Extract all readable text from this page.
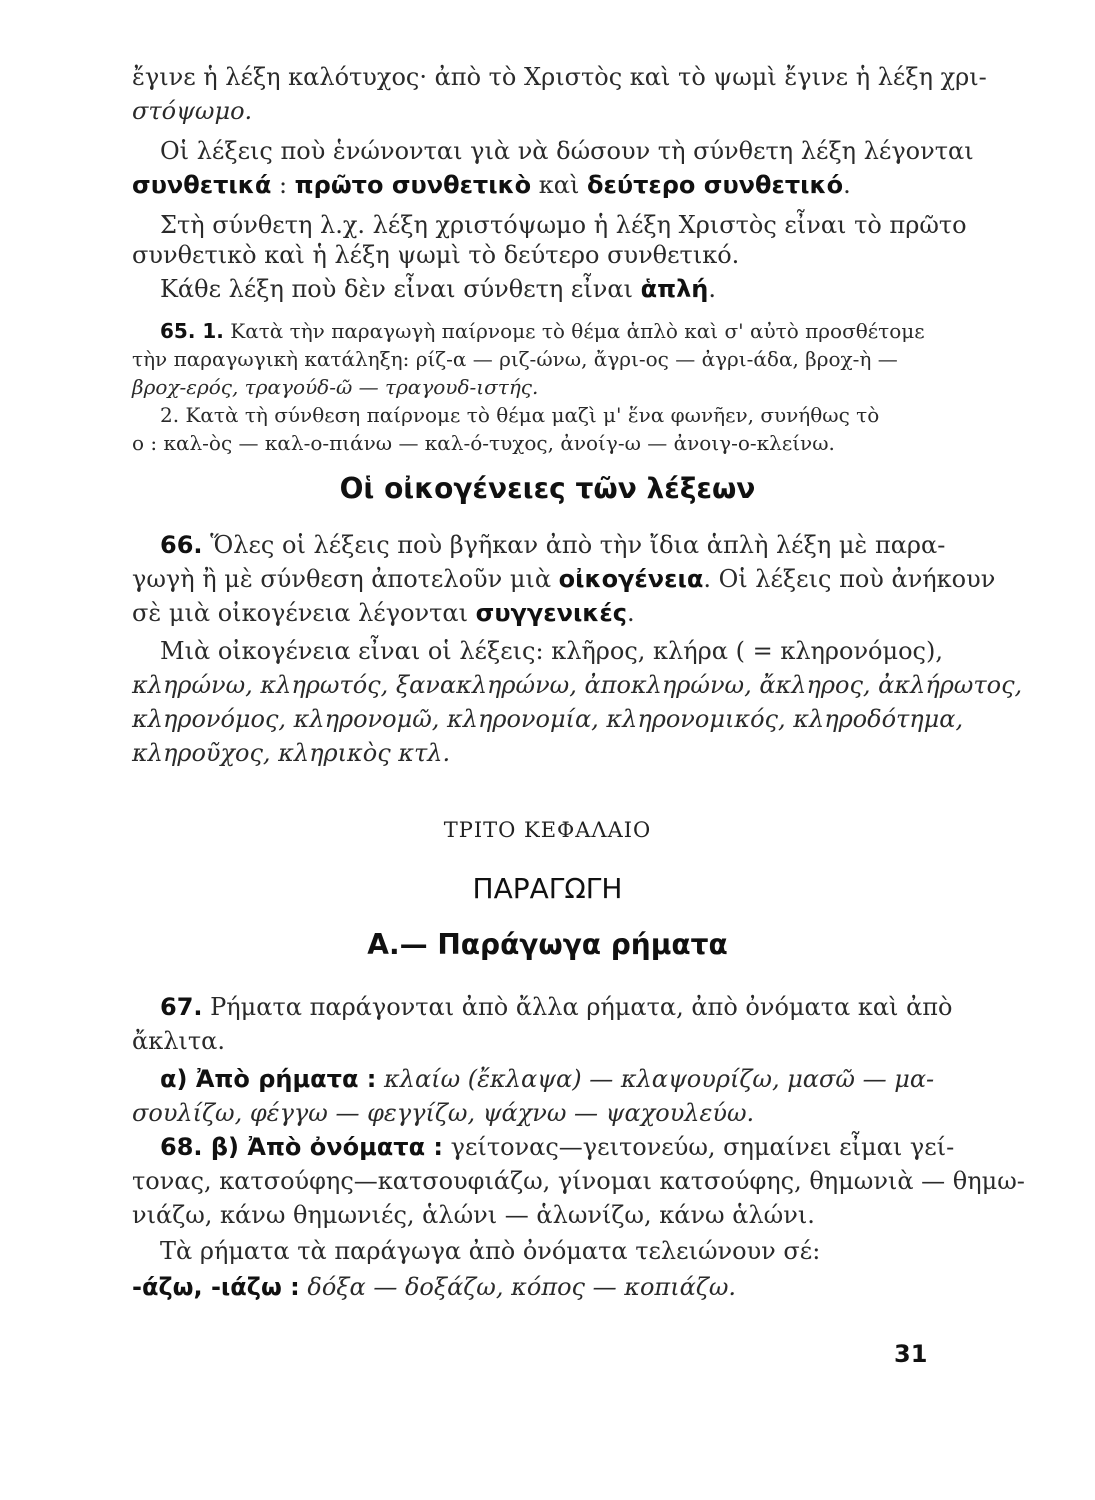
ἔγινε ἡ λέξη καλότυχος· ἀπὸ τὸ Χριστὸς καὶ τὸ ψωμὶ ἔγινε ἡ λέξη χρι-
στόψωμο.
Οἱ λέξεις ποὺ ἑνώνονται γιὰ νὰ δώσουν τὴ σύνθετη λέξη λέγονται
συνθετικά : πρῶτο συνθετικὸ καὶ δεύτερο συνθετικό.
Στὴ σύνθετη λ.χ. λέξη χριστόψωμο ἡ λέξη Χριστὸς εἶναι τὸ πρῶτο
συνθετικὸ καὶ ἡ λέξη ψωμὶ τὸ δεύτερο συνθετικό.
Κάθε λέξη ποὺ δὲν εἶναι σύνθετη εἶναι ἁπλή.
65. 1. Κατὰ τὴν παραγωγὴ παίρνομε τὸ θέμα ἁπλὸ καὶ σ' αὐτὸ προσθέτομε
τὴν παραγωγικὴ κατάληξη: ρίζ-α — ριζ-ώνω, ἄγρι-ος — ἀγρι-άδα, βροχ-ὴ —
βροχ-ερός, τραγούδ-ῶ — τραγουδ-ιστής.
2. Κατὰ τὴ σύνθεση παίρνομε τὸ θέμα μαζὶ μ' ἕνα φωνῆεν, συνήθως τὸ
ο : καλ-ὸς — καλ-ο-πιάνω — καλ-ό-τυχος, ἀνοίγ-ω — ἀνοιγ-ο-κλείνω.
Οἱ οἰκογένειες τῶν λέξεων
66. Ὅλες οἱ λέξεις ποὺ βγῆκαν ἀπὸ τὴν ἴδια ἁπλὴ λέξη μὲ παρα-
γωγὴ ἢ μὲ σύνθεση ἀποτελοῦν μιὰ οἰκογένεια. Οἱ λέξεις ποὺ ἀνήκουν
σὲ μιὰ οἰκογένεια λέγονται συγγενικές.
Μιὰ οἰκογένεια εἶναι οἱ λέξεις: κλῆρος, κλήρα ( = κληρονόμος),
κληρώνω, κληρωτός, ξανακληρώνω, ἀποκληρώνω, ἄκληρος, ἀκλήρωτος,
κληρονόμος, κληρονομῶ, κληρονομία, κληρονομικός, κληροδότημα,
κληροῦχος, κληρικὸς κτλ.
ΤΡΙΤΟ ΚΕΦΑΛΑΙΟ
ΠΑΡΑΓΩΓΗ
Α.— Παράγωγα ρήματα
67. Ρήματα παράγονται ἀπὸ ἄλλα ρήματα, ἀπὸ ὀνόματα καὶ ἀπὸ
ἄκλιτα.
α) Ἀπὸ ρήματα : κλαίω (ἔκλαψα) — κλαψουρίζω, μασῶ — μα-
σουλίζω, φέγγω — φεγγίζω, ψάχνω — ψαχουλεύω.
68. β) Ἀπὸ ὀνόματα : γείτονας—γειτονεύω, σημαίνει εἶμαι γεί-
τονας, κατσούφης—κατσουφιάζω, γίνομαι κατσούφης, θημωνιὰ — θημω-
νιάζω, κάνω θημωνιές, ἁλώνι — ἁλωνίζω, κάνω ἁλώνι.
Τὰ ρήματα τὰ παράγωγα ἀπὸ ὀνόματα τελειώνουν σέ:
-άζω, -ιάζω : δόξα — δοξάζω, κόπος — κοπιάζω.
31
